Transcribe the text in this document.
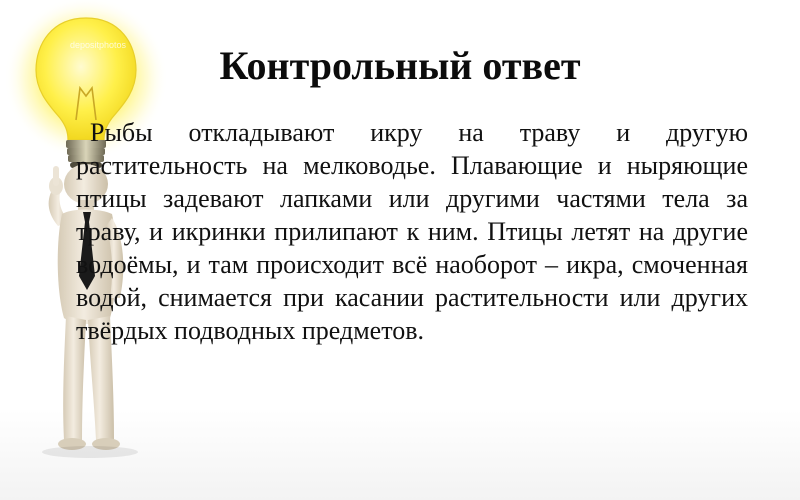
depositphotos	Контрольный ответ

Рыбы откладывают икру на траву и другую растительность на мелководье. Плавающие и ныряющие птицы задевают лапками или другими частями тела за траву, и икринки прилипают к ним. Птицы летят на другие водоёмы, и там происходит всё наоборот – икра, смоченная водой, снимается при касании растительности или других твёрдых подводных предметов.
